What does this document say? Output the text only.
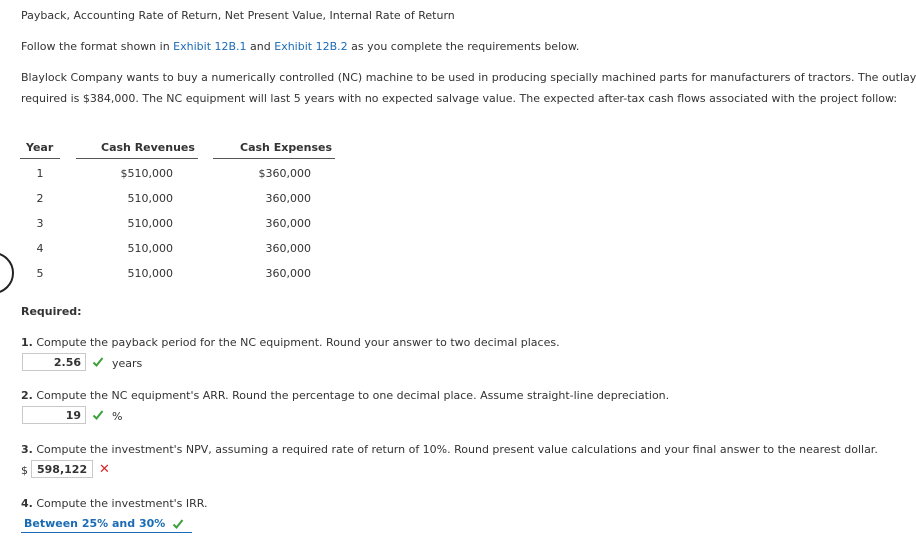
Payback, Accounting Rate of Return, Net Present Value, Internal Rate of Return
Follow the format shown in Exhibit 12B.1 and Exhibit 12B.2 as you complete the requirements below.
Blaylock Company wants to buy a numerically controlled (NC) machine to be used in producing specially machined parts for manufacturers of tractors. The outlay
required is $384,000. The NC equipment will last 5 years with no expected salvage value. The expected after-tax cash flows associated with the project follow:
Year	Cash Revenues	Cash Expenses
1	$510,000	$360,000
2	510,000	360,000
3	510,000	360,000
4	510,000	360,000
5	510,000	360,000
Required:
1. Compute the payback period for the NC equipment. Round your answer to two decimal places.
2.56	years
2. Compute the NC equipment's ARR. Round the percentage to one decimal place. Assume straight-line depreciation.
19	%
3. Compute the investment's NPV, assuming a required rate of return of 10%. Round present value calculations and your final answer to the nearest dollar.
$ 598,122 ✕
4. Compute the investment's IRR.
Between 25% and 30%
